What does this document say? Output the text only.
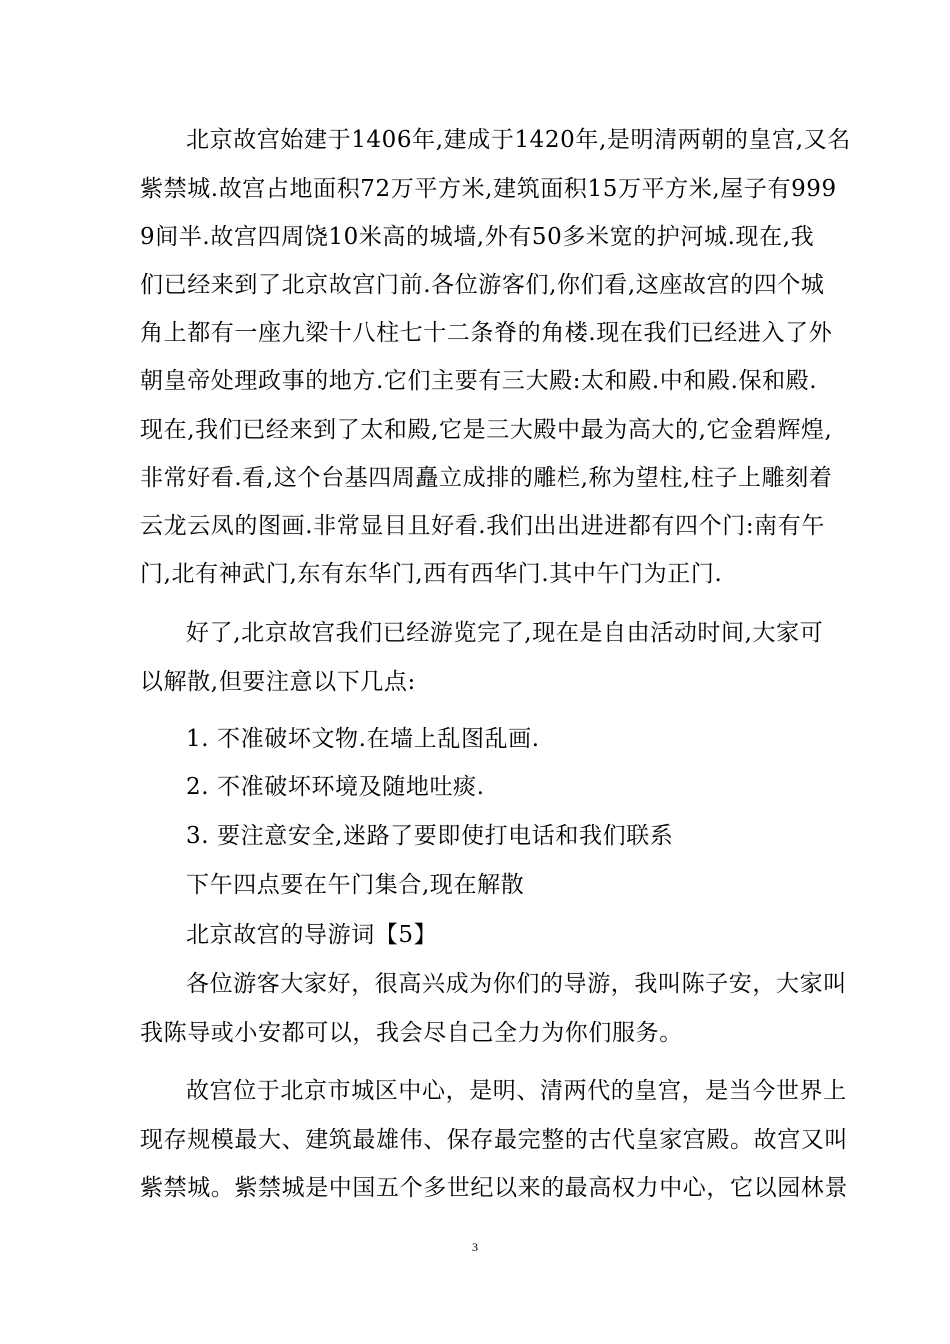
北京故宫始建于1406年,建成于1420年,是明清两朝的皇宫,又名
紫禁城.故宫占地面积72万平方米,建筑面积15万平方米,屋子有999
9间半.故宫四周饶10米高的城墙,外有50多米宽的护河城.现在,我
们已经来到了北京故宫门前.各位游客们,你们看,这座故宫的四个城
角上都有一座九梁十八柱七十二条脊的角楼.现在我们已经进入了外
朝皇帝处理政事的地方.它们主要有三大殿:太和殿.中和殿.保和殿.
现在,我们已经来到了太和殿,它是三大殿中最为高大的,它金碧辉煌,
非常好看.看,这个台基四周矗立成排的雕栏,称为望柱,柱子上雕刻着
云龙云凤的图画.非常显目且好看.我们出出进进都有四个门:南有午
门,北有神武门,东有东华门,西有西华门.其中午门为正门.
好了,北京故宫我们已经游览完了,现在是自由活动时间,大家可
以解散,但要注意以下几点:
1. 不准破坏文物.在墙上乱图乱画.
2. 不准破坏环境及随地吐痰.
3. 要注意安全,迷路了要即使打电话和我们联系
下午四点要在午门集合,现在解散
北京故宫的导游词【5】
各位游客大家好，很高兴成为你们的导游，我叫陈子安，大家叫
我陈导或小安都可以，我会尽自己全力为你们服务。
故宫位于北京市城区中心，是明、清两代的皇宫，是当今世界上
现存规模最大、建筑最雄伟、保存最完整的古代皇家宫殿。故宫又叫
紫禁城。紫禁城是中国五个多世纪以来的最高权力中心，它以园林景
3
